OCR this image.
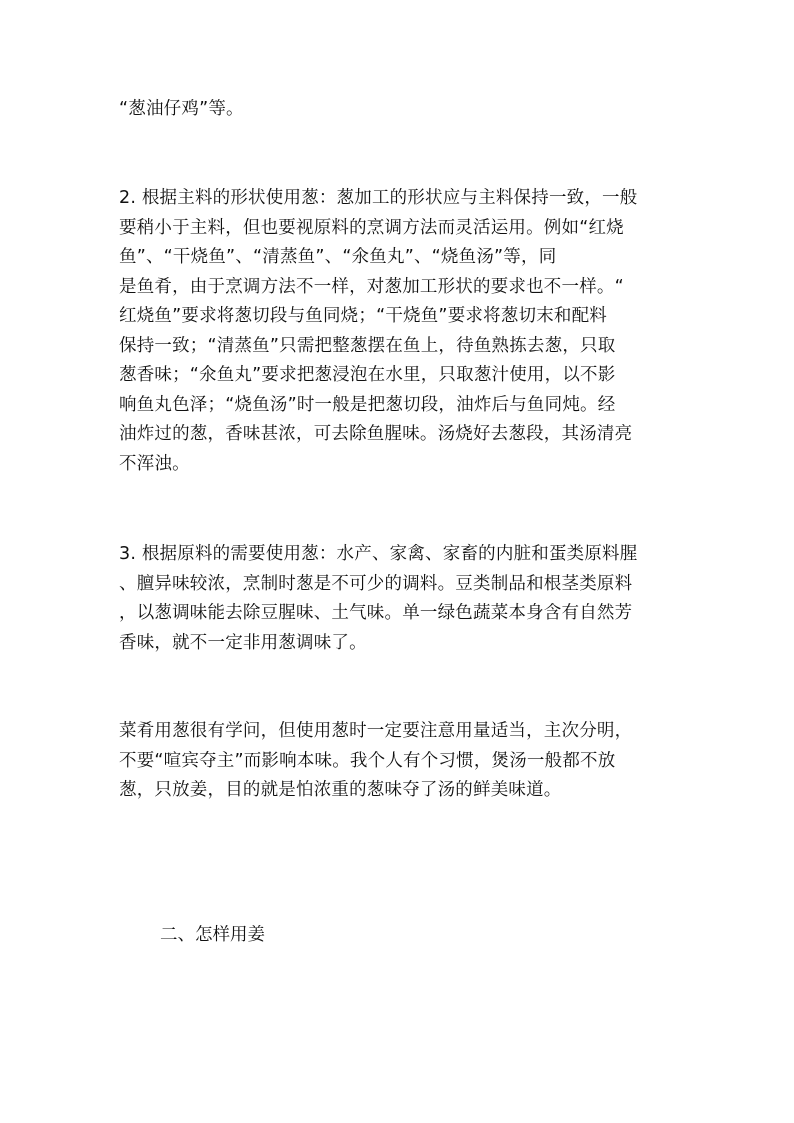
“葱油仔鸡”等。

2. 根据主料的形状使用葱：葱加工的形状应与主料保持一致，一般
要稍小于主料，但也要视原料的烹调方法而灵活运用。例如“红烧
鱼”、“干烧鱼”、“清蒸鱼”、“氽鱼丸”、“烧鱼汤”等，同
是鱼肴，由于烹调方法不一样，对葱加工形状的要求也不一样。“
红烧鱼”要求将葱切段与鱼同烧；“干烧鱼”要求将葱切末和配料
保持一致；“清蒸鱼”只需把整葱摆在鱼上，待鱼熟拣去葱，只取
葱香味；“氽鱼丸”要求把葱浸泡在水里，只取葱汁使用，以不影
响鱼丸色泽；“烧鱼汤”时一般是把葱切段，油炸后与鱼同炖。经
油炸过的葱，香味甚浓，可去除鱼腥味。汤烧好去葱段，其汤清亮
不浑浊。

3. 根据原料的需要使用葱：水产、家禽、家畜的内脏和蛋类原料腥
、膻异味较浓，烹制时葱是不可少的调料。豆类制品和根茎类原料
，以葱调味能去除豆腥味、土气味。单一绿色蔬菜本身含有自然芳
香味，就不一定非用葱调味了。

菜肴用葱很有学问，但使用葱时一定要注意用量适当，主次分明，
不要“喧宾夺主”而影响本味。我个人有个习惯，煲汤一般都不放
葱，只放姜，目的就是怕浓重的葱味夺了汤的鲜美味道。

二、怎样用姜
